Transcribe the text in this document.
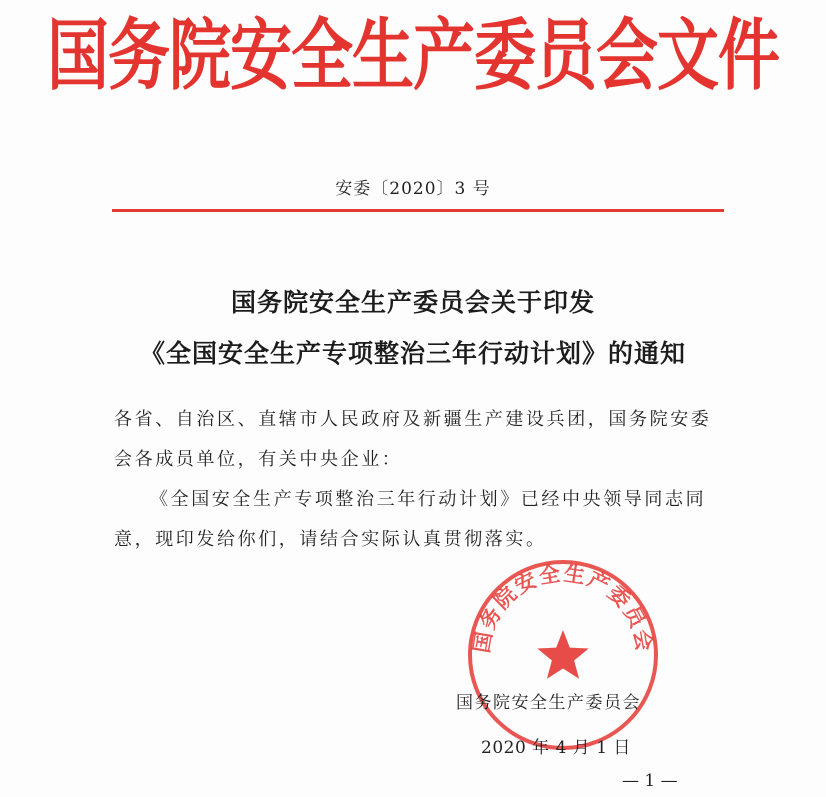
国务院安全生产委员会文件
安委〔2020〕3 号
国务院安全生产委员会关于印发
《全国安全生产专项整治三年行动计划》的通知
各省、自治区、直辖市人民政府及新疆生产建设兵团，国务院安委
会各成员单位，有关中央企业：
《全国安全生产专项整治三年行动计划》已经中央领导同志同
意，现印发给你们，请结合实际认真贯彻落实。
国务院安全生产委员会
国务院安全生产委员会
2020 年 4 月 1 日
— 1 —
